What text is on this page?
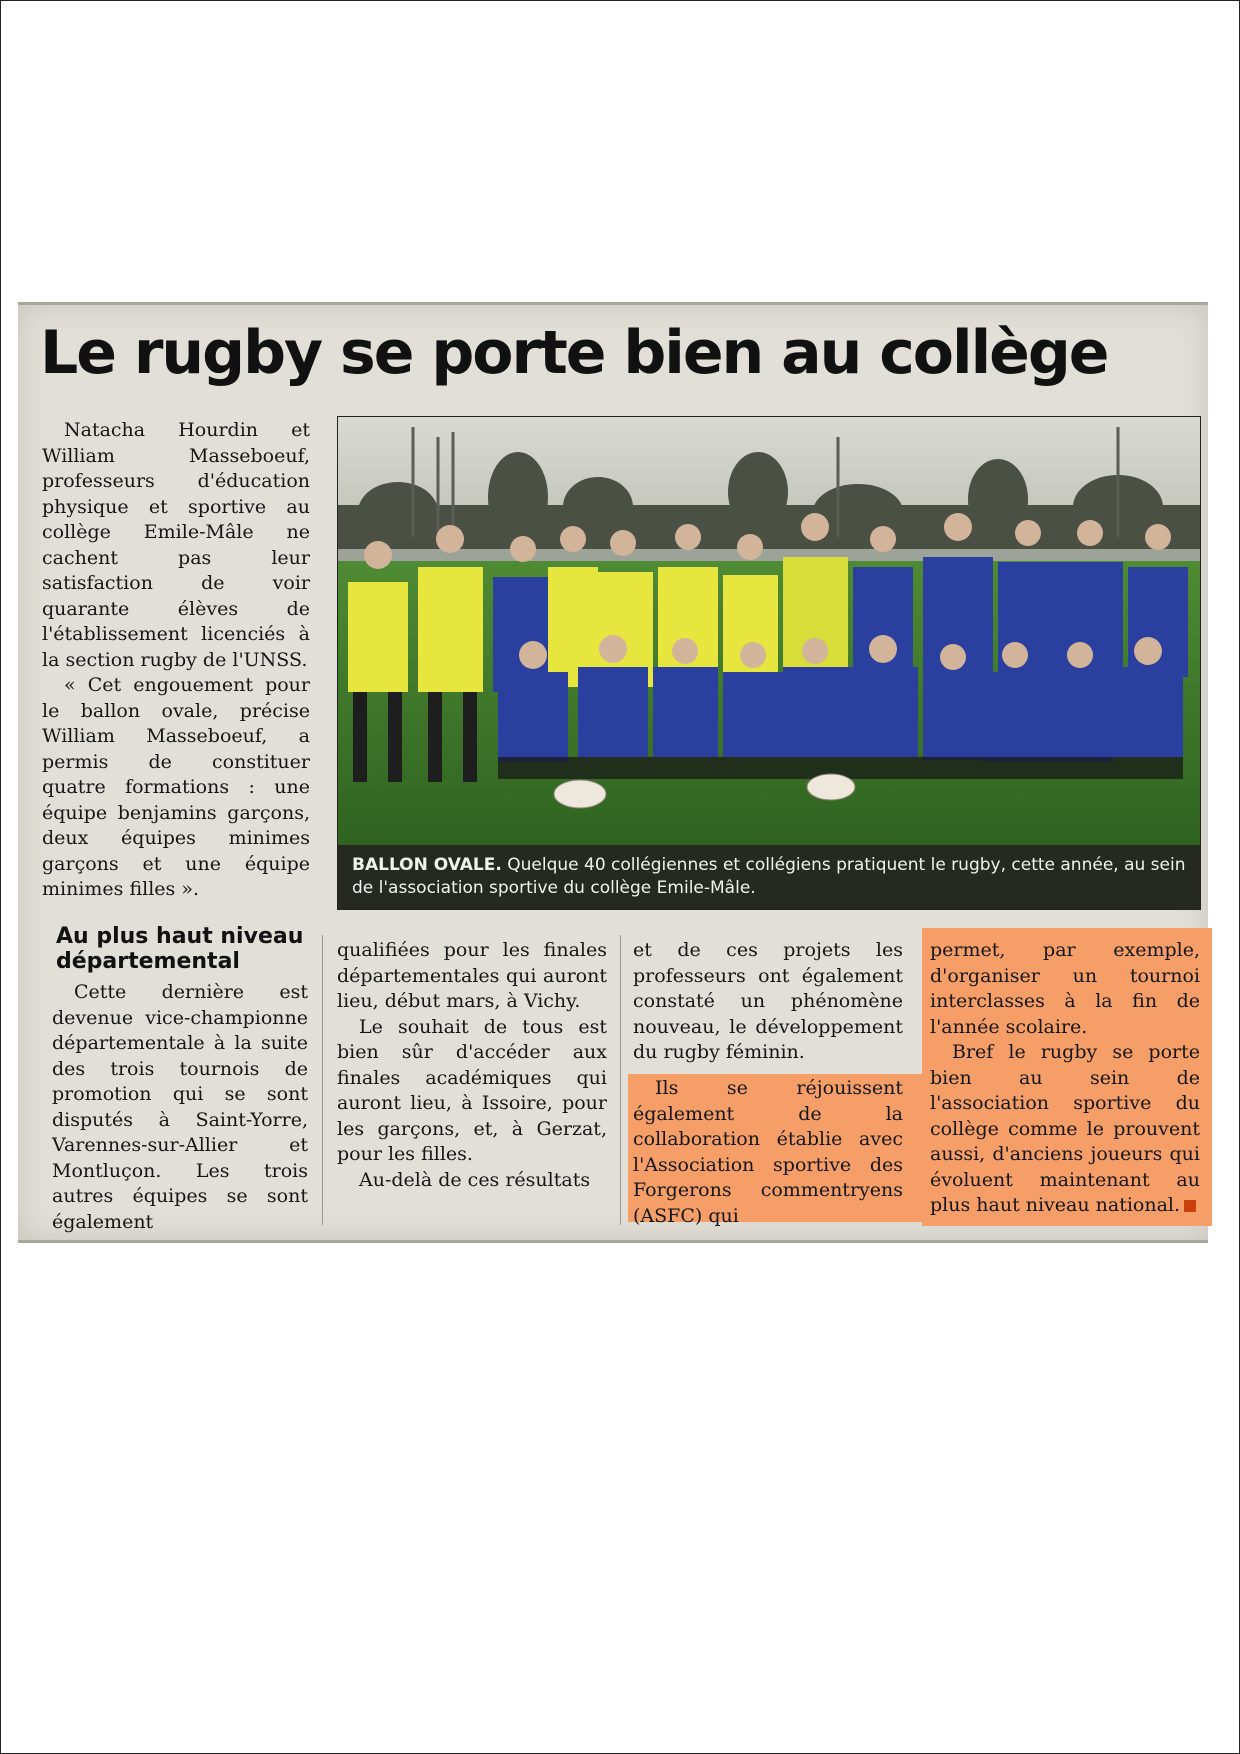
Le rugby se porte bien au collège
BALLON OVALE. Quelque 40 collégiennes et collégiens pratiquent le rugby, cette année, au sein de l'association sportive du collège Emile-Mâle.

Natacha Hourdin et William Masseboeuf, professeurs d'éducation physique et sportive au collège Emile-Mâle ne cachent pas leur satisfaction de voir quarante élèves de l'établissement licenciés à la section rugby de l'UNSS.

« Cet engouement pour le ballon ovale, précise William Masseboeuf, a permis de constituer quatre formations : une équipe benjamins garçons, deux équipes minimes garçons et une équipe minimes filles ».

Au plus haut niveau départemental

Cette dernière est devenue vice-championne départementale à la suite des trois tournois de promotion qui se sont disputés à Saint-Yorre, Varennes-sur-Allier et Montluçon. Les trois autres équipes se sont également

qualifiées pour les finales départementales qui auront lieu, début mars, à Vichy.

Le souhait de tous est bien sûr d'accéder aux finales académiques qui auront lieu, à Issoire, pour les garçons, et, à Gerzat, pour les filles.

Au-delà de ces résultats

et de ces projets les professeurs ont également constaté un phénomène nouveau, le développement du rugby féminin.

Ils se réjouissent également de la collaboration établie avec l'Association sportive des Forgerons commentryens (ASFC) qui

permet, par exemple, d'organiser un tournoi interclasses à la fin de l'année scolaire.

Bref le rugby se porte bien au sein de l'association sportive du collège comme le prouvent aussi, d'anciens joueurs qui évoluent maintenant au plus haut niveau national.
